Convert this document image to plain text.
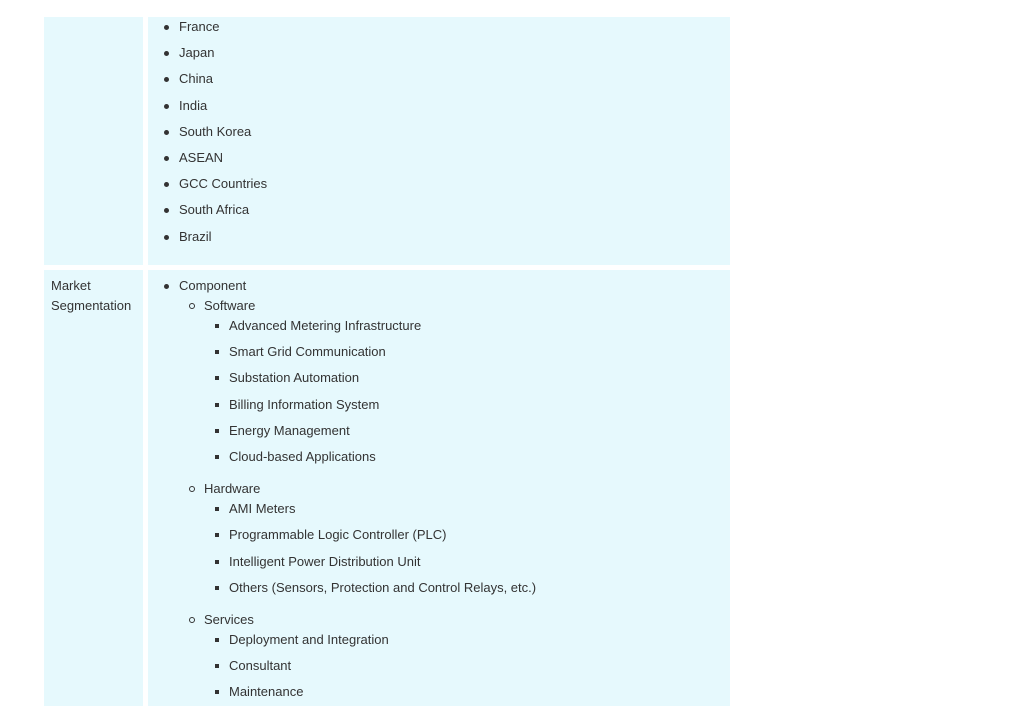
France
Japan
China
India
South Korea
ASEAN
GCC Countries
South Africa
Brazil
Market Segmentation
Component
Software
Advanced Metering Infrastructure
Smart Grid Communication
Substation Automation
Billing Information System
Energy Management
Cloud-based Applications
Hardware
AMI Meters
Programmable Logic Controller (PLC)
Intelligent Power Distribution Unit
Others (Sensors, Protection and Control Relays, etc.)
Services
Deployment and Integration
Consultant
Maintenance
